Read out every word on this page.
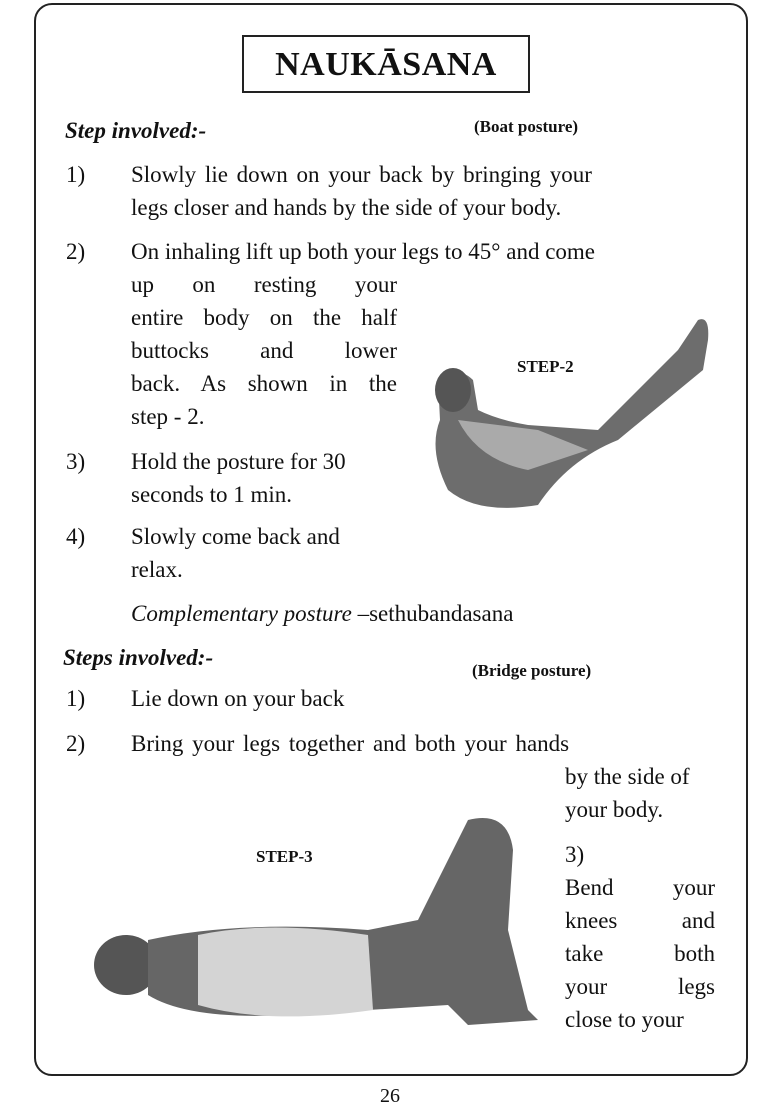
NAUKĀSANA
Step involved:-	(Boat posture)
1) Slowly lie down on your back by bringing your
legs closer and hands by the side of your body.
2) On inhaling lift up both your legs to 45° and come
up on resting your
entire body on the half
buttocks and lower
back. As shown in the
step - 2.
3) Hold the posture for 30
seconds to 1 min.
4) Slowly come back and
relax.
Complementary posture –sethubandasana
STEP-2
Steps involved:-
(Bridge posture)
1) Lie down on your back
2) Bring your legs together and both your hands
by the side of
your body.
3)
Bend your
knees and
take both
your legs
close to your
STEP-3
26
